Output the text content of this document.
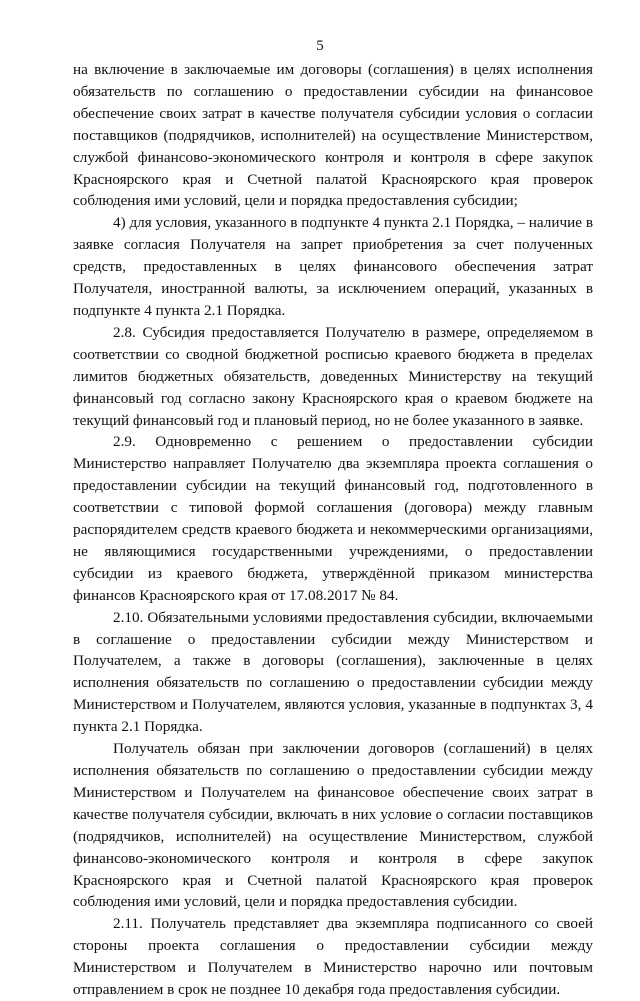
5

на включение в заключаемые им договоры (соглашения) в целях исполнения обязательств по соглашению о предоставлении субсидии на финансовое обеспечение своих затрат в качестве получателя субсидии условия о согласии поставщиков (подрядчиков, исполнителей) на осуществление Министерством, службой финансово-экономического контроля и контроля в сфере закупок Красноярского края и Счетной палатой Красноярского края проверок соблюдения ими условий, цели и порядка предоставления субсидии;

4) для условия, указанного в подпункте 4 пункта 2.1 Порядка, – наличие в заявке согласия Получателя на запрет приобретения за счет полученных средств, предоставленных в целях финансового обеспечения затрат Получателя, иностранной валюты, за исключением операций, указанных в подпункте 4 пункта 2.1 Порядка.

2.8. Субсидия предоставляется Получателю в размере, определяемом в соответствии со сводной бюджетной росписью краевого бюджета в пределах лимитов бюджетных обязательств, доведенных Министерству на текущий финансовый год согласно закону Красноярского края о краевом бюджете на текущий финансовый год и плановый период, но не более указанного в заявке.

2.9. Одновременно с решением о предоставлении субсидии Министерство направляет Получателю два экземпляра проекта соглашения о предоставлении субсидии на текущий финансовый год, подготовленного в соответствии с типовой формой соглашения (договора) между главным распорядителем средств краевого бюджета и некоммерческими организациями, не являющимися государственными учреждениями, о предоставлении субсидии из краевого бюджета, утверждённой приказом министерства финансов Красноярского края от 17.08.2017 № 84.

2.10. Обязательными условиями предоставления субсидии, включаемыми в соглашение о предоставлении субсидии между Министерством и Получателем, а также в договоры (соглашения), заключенные в целях исполнения обязательств по соглашению о предоставлении субсидии между Министерством и Получателем, являются условия, указанные в подпунктах 3, 4 пункта 2.1 Порядка.

Получатель обязан при заключении договоров (соглашений) в целях исполнения обязательств по соглашению о предоставлении субсидии между Министерством и Получателем на финансовое обеспечение своих затрат в качестве получателя субсидии, включать в них условие о согласии поставщиков (подрядчиков, исполнителей) на осуществление Министерством, службой финансово-экономического контроля и контроля в сфере закупок Красноярского края и Счетной палатой Красноярского края проверок соблюдения ими условий, цели и порядка предоставления субсидии.

2.11. Получатель представляет два экземпляра подписанного со своей стороны проекта соглашения о предоставлении субсидии между Министерством и Получателем в Министерство нарочно или почтовым отправлением в срок не позднее 10 декабря года предоставления субсидии.
